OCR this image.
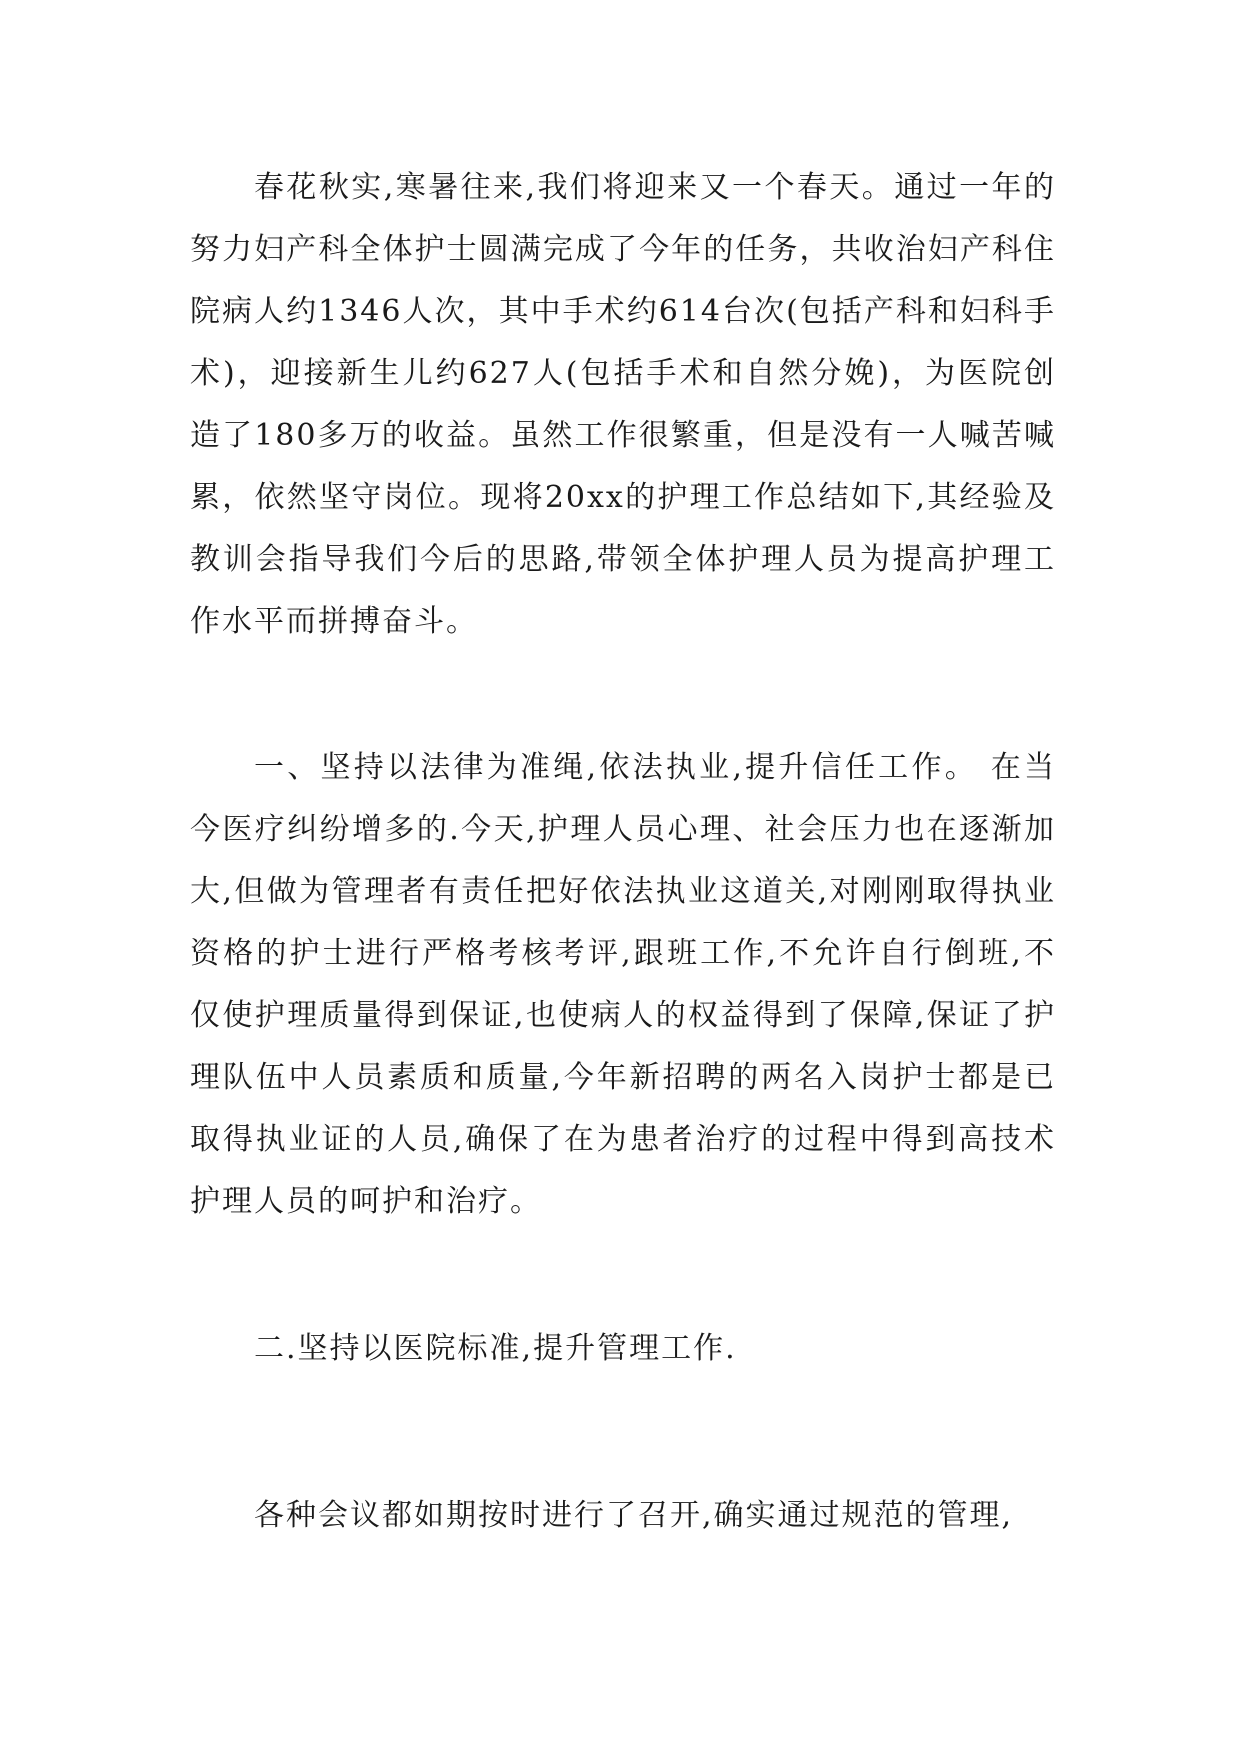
春花秋实,寒暑往来,我们将迎来又一个春天。通过一年的努力妇产科全体护士圆满完成了今年的任务，共收治妇产科住院病人约1346人次，其中手术约614台次(包括产科和妇科手术)，迎接新生儿约627人(包括手术和自然分娩)，为医院创造了180多万的收益。虽然工作很繁重，但是没有一人喊苦喊累，依然坚守岗位。现将20xx的护理工作总结如下,其经验及教训会指导我们今后的思路,带领全体护理人员为提高护理工作水平而拼搏奋斗。

一、坚持以法律为准绳,依法执业,提升信任工作。 在当今医疗纠纷增多的.今天,护理人员心理、社会压力也在逐渐加大,但做为管理者有责任把好依法执业这道关,对刚刚取得执业资格的护士进行严格考核考评,跟班工作,不允许自行倒班,不仅使护理质量得到保证,也使病人的权益得到了保障,保证了护理队伍中人员素质和质量,今年新招聘的两名入岗护士都是已取得执业证的人员,确保了在为患者治疗的过程中得到高技术护理人员的呵护和治疗。

二.坚持以医院标准,提升管理工作.

各种会议都如期按时进行了召开,确实通过规范的管理,
